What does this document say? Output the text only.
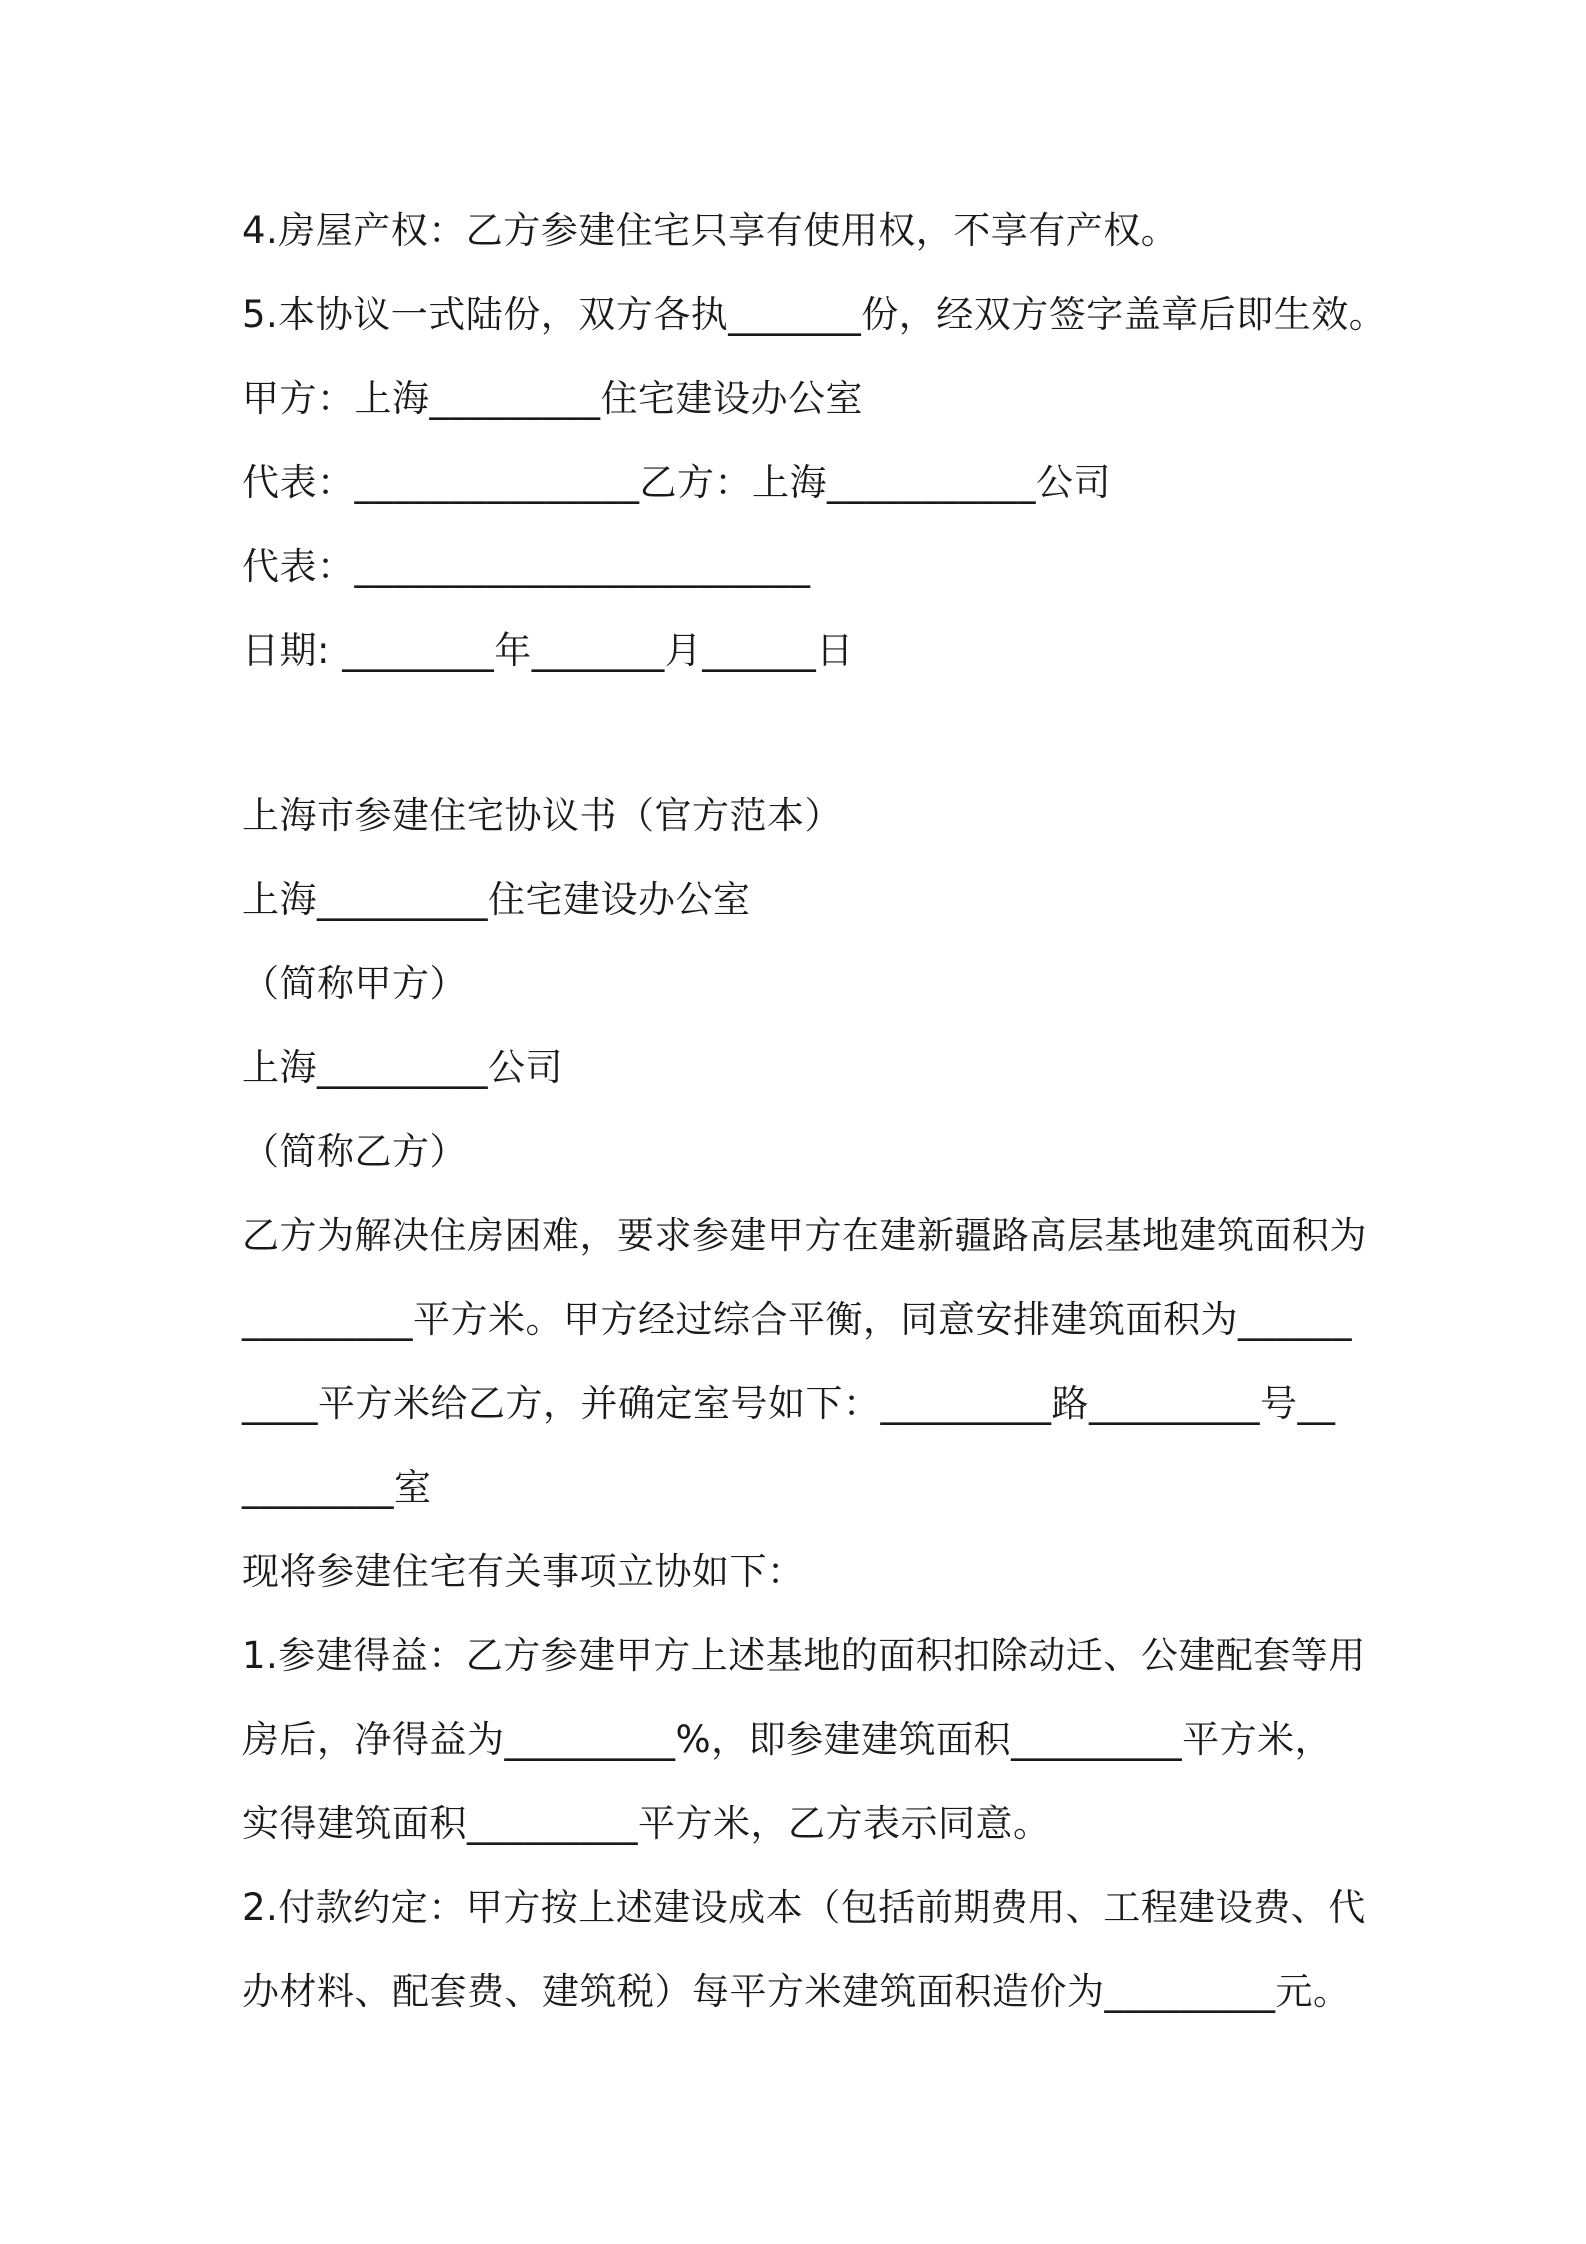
4.房屋产权：乙方参建住宅只享有使用权，不享有产权。
5.本协议一式陆份，双方各执_______份，经双方签字盖章后即生效。
甲方：上海_________住宅建设办公室
代表：_______________乙方：上海___________公司
代表：________________________
日期: ________年_______月______日
上海市参建住宅协议书（官方范本）
上海_________住宅建设办公室
（简称甲方）
上海_________公司
（简称乙方）
乙方为解决住房困难，要求参建甲方在建新疆路高层基地建筑面积为
_________平方米。甲方经过综合平衡，同意安排建筑面积为______
____平方米给乙方，并确定室号如下：_________路_________号__
________室
现将参建住宅有关事项立协如下：
1.参建得益：乙方参建甲方上述基地的面积扣除动迁、公建配套等用
房后，净得益为_________%，即参建建筑面积_________平方米，
实得建筑面积_________平方米，乙方表示同意。
2.付款约定：甲方按上述建设成本（包括前期费用、工程建设费、代
办材料、配套费、建筑税）每平方米建筑面积造价为_________元。
